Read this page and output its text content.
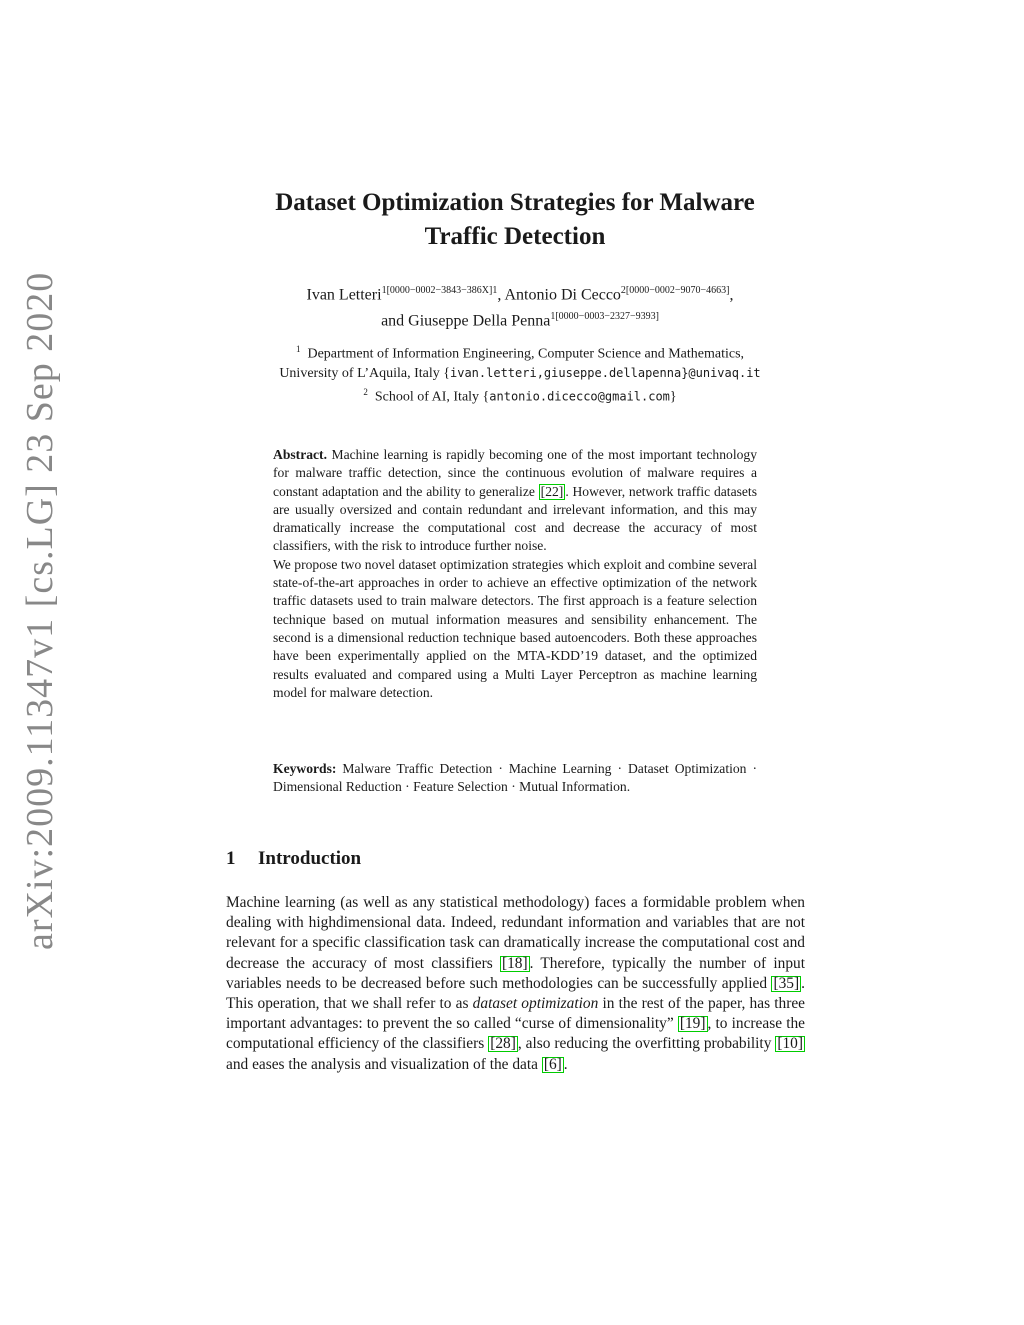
arXiv:2009.11347v1 [cs.LG] 23 Sep 2020
Dataset Optimization Strategies for Malware
Traffic Detection
Ivan Letteri$^{1[0000-0002-3843-386X]1}$, Antonio Di Cecco$^{2[0000-0002-9070-4663]}$,
and Giuseppe Della Penna$^{1[0000-0003-2327-9393]}$
$^1$ Department of Information Engineering, Computer Science and Mathematics,
University of L’Aquila, Italy {ivan.letteri,giuseppe.dellapenna}@univaq.it
$^2$ School of AI, Italy {antonio.dicecco@gmail.com}

Abstract. Machine learning is rapidly becoming one of the most important technology for malware traffic detection, since the continuous evolution of malware requires a constant adaptation and the ability to generalize [22] . However, network traffic datasets are usually oversized and contain redundant and irrelevant information, and this may dramatically increase the computational cost and decrease the accuracy of most classifiers, with the risk to introduce further noise.

We propose two novel dataset optimization strategies which exploit and combine several state-of-the-art approaches in order to achieve an effective optimization of the network traffic datasets used to train malware detectors. The first approach is a feature selection technique based on mutual information measures and sensibility enhancement. The second is a dimensional reduction technique based autoencoders. Both these approaches have been experimentally applied on the MTA-KDD’19 dataset, and the optimized results evaluated and compared using a Multi Layer Perceptron as machine learning model for malware detection.

Keywords: Malware Traffic Detection · Machine Learning · Dataset Optimization · Dimensional Reduction · Feature Selection · Mutual Information.
1 Introduction

Machine learning (as well as any statistical methodology) faces a formidable problem when dealing with highdimensional data. Indeed, redundant information and variables that are not relevant for a specific classification task can dramatically increase the computational cost and decrease the accuracy of most classifiers [18] . Therefore, typically the number of input variables needs to be decreased before such methodologies can be successfully applied [35] . This operation, that we shall refer to as dataset optimization in the rest of the paper, has three important advantages: to prevent the so called “curse of dimensionality” [19] , to increase the computational efficiency of the classifiers [28] , also reducing the overfitting probability [10] and eases the analysis and visualization of the data [6] .
